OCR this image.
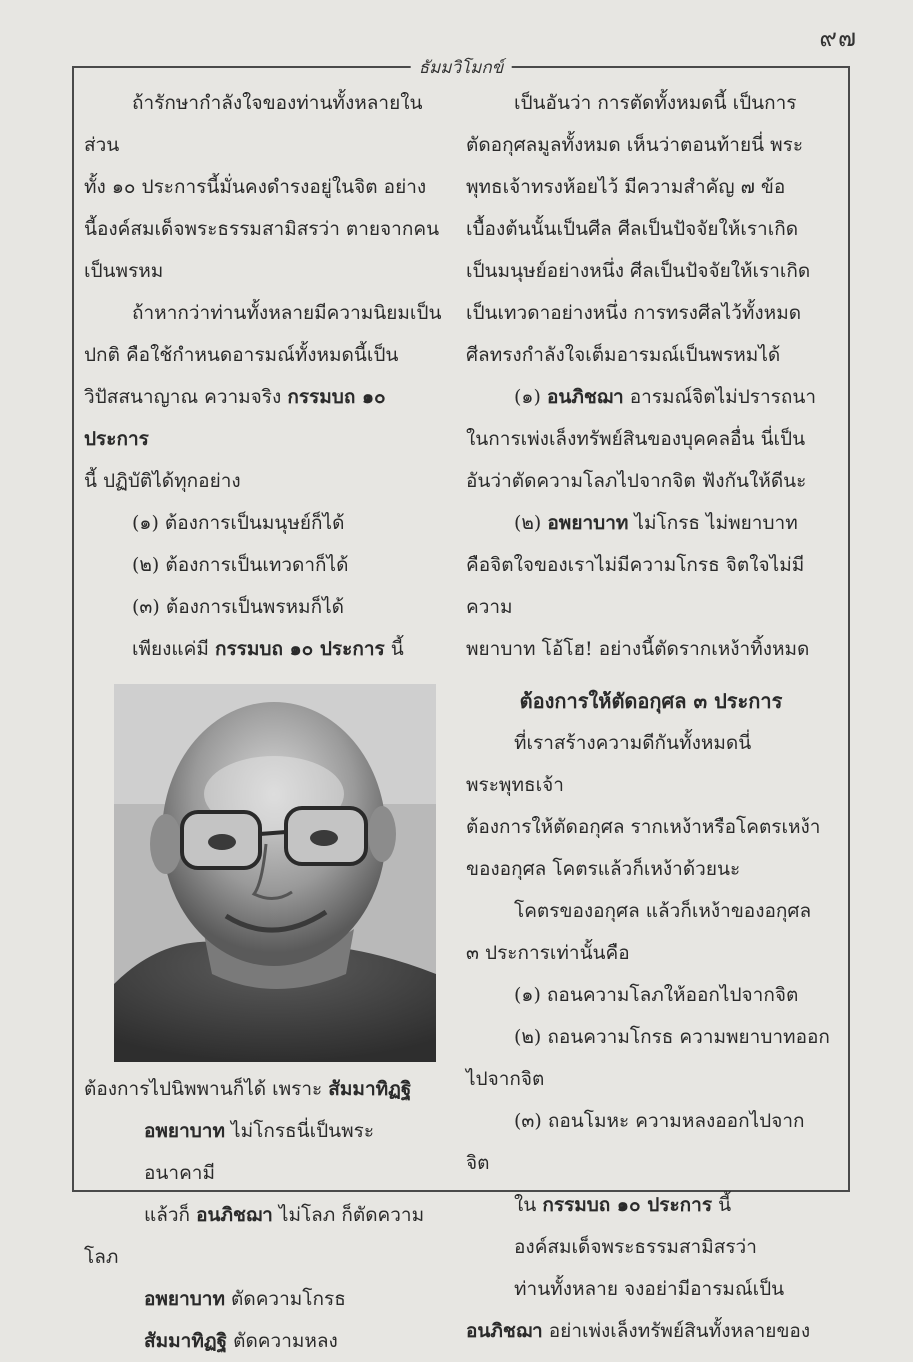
๙๗
ธัมมวิโมกข์

ถ้ารักษากำลังใจของท่านทั้งหลายในส่วน
ทั้ง ๑๐ ประการนี้มั่นคงดำรงอยู่ในจิต อย่าง
นี้องค์สมเด็จพระธรรมสามิสรว่า ตายจากคน
เป็นพรหม

ถ้าหากว่าท่านทั้งหลายมีความนิยมเป็น
ปกติ คือใช้กำหนดอารมณ์ทั้งหมดนี้เป็น
วิปัสสนาญาณ ความจริง กรรมบถ ๑๐ ประการ
นี้ ปฏิบัติได้ทุกอย่าง

(๑) ต้องการเป็นมนุษย์ก็ได้

(๒) ต้องการเป็นเทวดาก็ได้

(๓) ต้องการเป็นพรหมก็ได้

เพียงแค่มี กรรมบถ ๑๐ ประการ นี้

ต้องการไปนิพพานก็ได้ เพราะ สัมมาทิฏฐิ

อพยาบาท ไม่โกรธนี่เป็นพระอนาคามี

แล้วก็ อนภิชฌา ไม่โลภ ก็ตัดความ

โลภ

อพยาบาท ตัดความโกรธ

สัมมาทิฏฐิ ตัดความหลง

เป็นอันว่า การตัดทั้งหมดนี้ เป็นการ
ตัดอกุศลมูลทั้งหมด เห็นว่าตอนท้ายนี่ พระ
พุทธเจ้าทรงห้อยไว้ มีความสำคัญ ๗ ข้อ
เบื้องต้นนั้นเป็นศีล ศีลเป็นปัจจัยให้เราเกิด
เป็นมนุษย์อย่างหนึ่ง ศีลเป็นปัจจัยให้เราเกิด
เป็นเทวดาอย่างหนึ่ง การทรงศีลไว้ทั้งหมด
ศีลทรงกำลังใจเต็มอารมณ์เป็นพรหมได้

(๑) อนภิชฌา อารมณ์จิตไม่ปรารถนา

ในการเพ่งเล็งทรัพย์สินของบุคคลอื่น นี่เป็น
อันว่าตัดความโลภไปจากจิต ฟังกันให้ดีนะ

(๒) อพยาบาท ไม่โกรธ ไม่พยาบาท

คือจิตใจของเราไม่มีความโกรธ จิตใจไม่มีความ
พยาบาท โอ้โฮ! อย่างนี้ตัดรากเหง้าทิ้งหมด

ต้องการให้ตัดอกุศล ๓ ประการ

ที่เราสร้างความดีกันทั้งหมดนี่ พระพุทธเจ้า
ต้องการให้ตัดอกุศล รากเหง้าหรือโคตรเหง้า
ของอกุศล โคตรแล้วก็เหง้าด้วยนะ

โคตรของอกุศล แล้วก็เหง้าของอกุศล
๓ ประการเท่านั้นคือ

(๑) ถอนความโลภให้ออกไปจากจิต

(๒) ถอนความโกรธ ความพยาบาทออก
ไปจากจิต

(๓) ถอนโมหะ ความหลงออกไปจาก
จิต

ใน กรรมบถ ๑๐ ประการ นี้

องค์สมเด็จพระธรรมสามิสรว่า

ท่านทั้งหลาย จงอย่ามีอารมณ์เป็น

อนภิชฌา อย่าเพ่งเล็งทรัพย์สินทั้งหลายของ
